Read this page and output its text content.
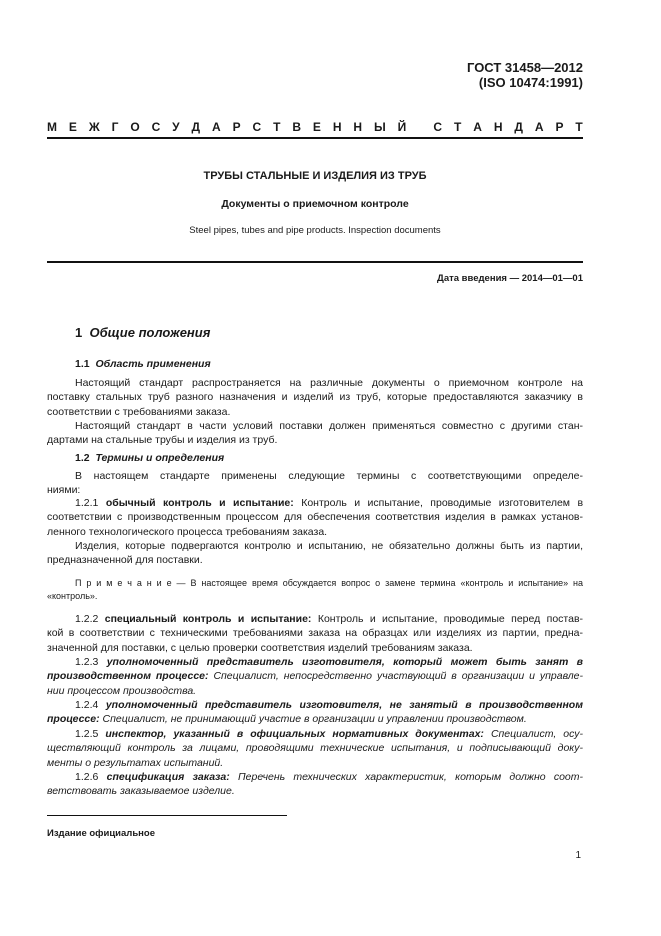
ГОСТ 31458—2012
(ISO 10474:1991)
М Е Ж Г О С У Д А Р С Т В Е Н Н Ы Й
С Т А Н Д А Р Т
ТРУБЫ СТАЛЬНЫЕ И ИЗДЕЛИЯ ИЗ ТРУБ
Документы о приемочном контроле
Steel pipes, tubes and pipe products. Inspection documents
Дата введения — 2014—01—01
1 Общие положения
1.1 Область применения
Настоящий стандарт распространяется на различные документы о приемочном контроле на
поставку стальных труб разного назначения и изделий из труб, которые предоставляются заказчику в
соответствии с требованиями заказа.
Настоящий стандарт в части условий поставки должен применяться совместно с другими стан-
дартами на стальные трубы и изделия из труб.
1.2 Термины и определения
В настоящем стандарте применены следующие термины с соответствующими определе-
ниями:
1.2.1 обычный контроль и испытание: Контроль и испытание, проводимые изготовителем в
соответствии с производственным процессом для обеспечения соответствия изделия в рамках установ-
ленного технологического процесса требованиям заказа.
Изделия, которые подвергаются контролю и испытанию, не обязательно должны быть из партии,
предназначенной для поставки.
П р и м е ч а н и е — В настоящее время обсуждается вопрос о замене термина «контроль и испытание» на
«контроль».
1.2.2 специальный контроль и испытание: Контроль и испытание, проводимые перед постав-
кой в соответствии с техническими требованиями заказа на образцах или изделиях из партии, предна-
значенной для поставки, с целью проверки соответствия изделий требованиям заказа.
1.2.3 уполномоченный представитель изготовителя, который может быть занят в
производственном процессе: Специалист, непосредственно участвующий в организации и управле-
нии процессом производства.
1.2.4 уполномоченный представитель изготовителя, не занятый в производственном
процессе: Специалист, не принимающий участие в организации и управлении производством.
1.2.5 инспектор, указанный в официальных нормативных документах: Специалист, осу-
ществляющий контроль за лицами, проводящими технические испытания, и подписывающий доку-
менты о результатах испытаний.
1.2.6 спецификация заказа: Перечень технических характеристик, которым должно соот-
ветствовать заказываемое изделие.
Издание официальное
1
